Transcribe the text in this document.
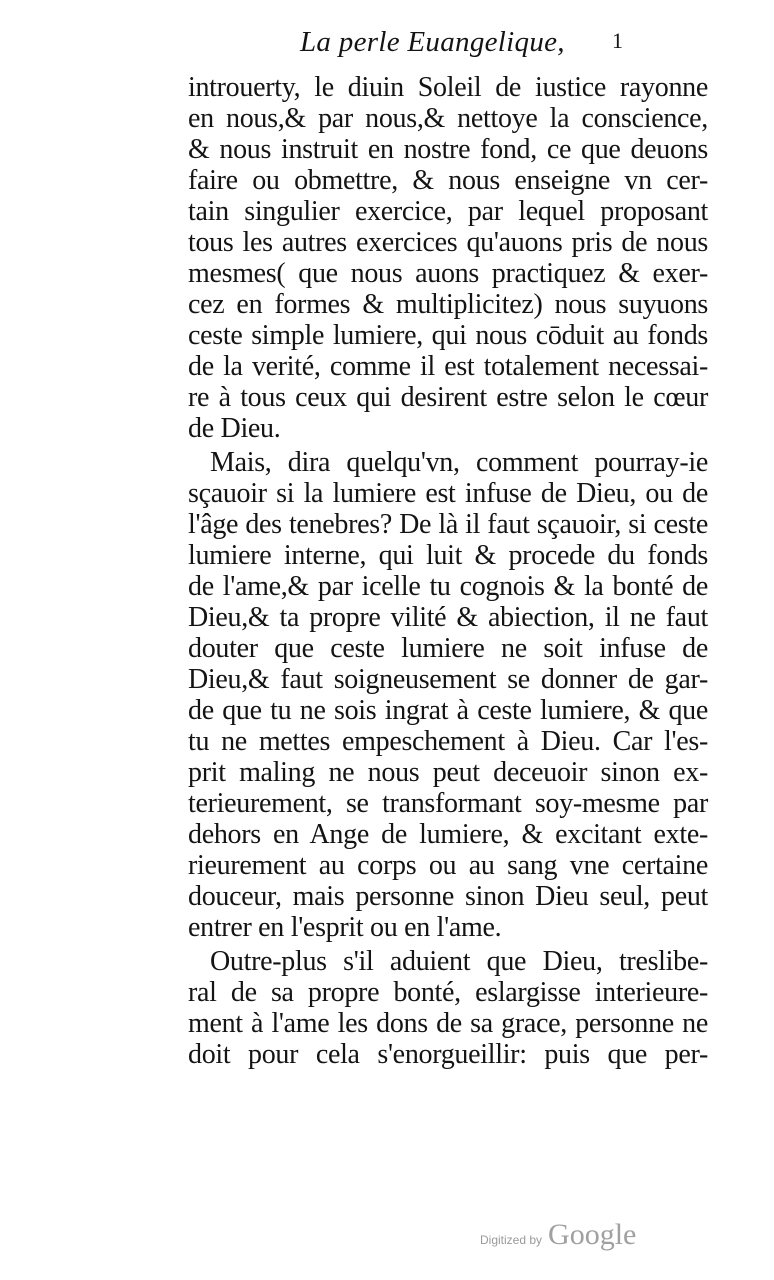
La perle Euangelique, 1
introuerty, le diuin Soleil de iustice rayonne
en nous,& par nous,& nettoye la conscience,
& nous instruit en nostre fond, ce que deuons
faire ou obmettre, & nous enseigne vn cer-
tain singulier exercice, par lequel proposant
tous les autres exercices qu'auons pris de nous
mesmes( que nous auons practiquez & exer-
cez en formes & multiplicitez) nous suyuons
ceste simple lumiere, qui nous cōduit au fonds
de la verité, comme il est totalement necessai-
re à tous ceux qui desirent estre selon le cœur
de Dieu.
Mais, dira quelqu'vn, comment pourray-ie
sçauoir si la lumiere est infuse de Dieu, ou de
l'âge des tenebres? De là il faut sçauoir, si ceste
lumiere interne, qui luit & procede du fonds
de l'ame,& par icelle tu cognois & la bonté de
Dieu,& ta propre vilité & abiection, il ne faut
douter que ceste lumiere ne soit infuse de
Dieu,& faut soigneusement se donner de gar-
de que tu ne sois ingrat à ceste lumiere, & que
tu ne mettes empeschement à Dieu. Car l'es-
prit maling ne nous peut deceuoir sinon ex-
terieurement, se transformant soy-mesme par
dehors en Ange de lumiere, & excitant exte-
rieurement au corps ou au sang vne certaine
douceur, mais personne sinon Dieu seul, peut
entrer en l'esprit ou en l'ame.
Outre-plus s'il aduient que Dieu, treslibe-
ral de sa propre bonté, eslargisse interieure-
ment à l'ame les dons de sa grace, personne ne
doit pour cela s'enorgueillir: puis que per-
Digitized by Google
